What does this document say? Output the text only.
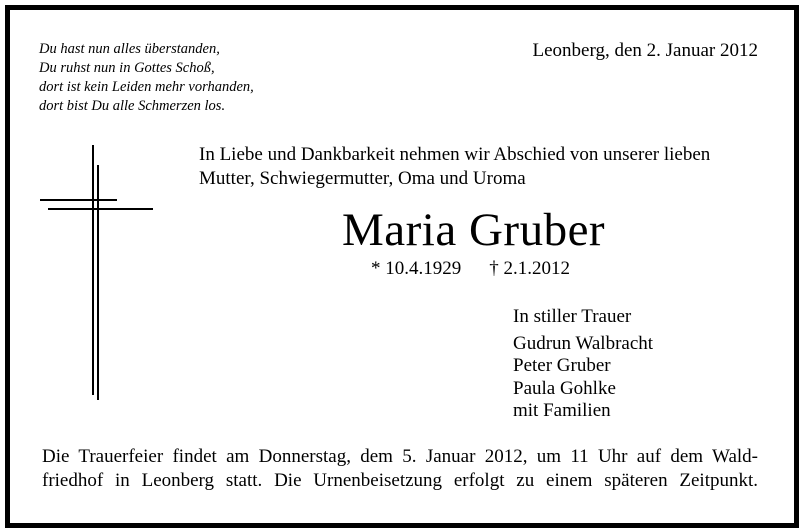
Du hast nun alles überstanden,
Du ruhst nun in Gottes Schoß,
dort ist kein Leiden mehr vorhanden,
dort bist Du alle Schmerzen los.
Leonberg, den 2. Januar 2012
In Liebe und Dankbarkeit nehmen wir Abschied von unserer lieben
Mutter, Schwiegermutter, Oma und Uroma
Maria Gruber
* 10.4.1929 † 2.1.2012
In stiller Trauer
Gudrun Walbracht
Peter Gruber
Paula Gohlke
mit Familien
Die Trauerfeier findet am Donnerstag, dem 5. Januar 2012, um 11 Uhr auf dem Wald-
friedhof in Leonberg statt. Die Urnenbeisetzung erfolgt zu einem späteren Zeitpunkt.
